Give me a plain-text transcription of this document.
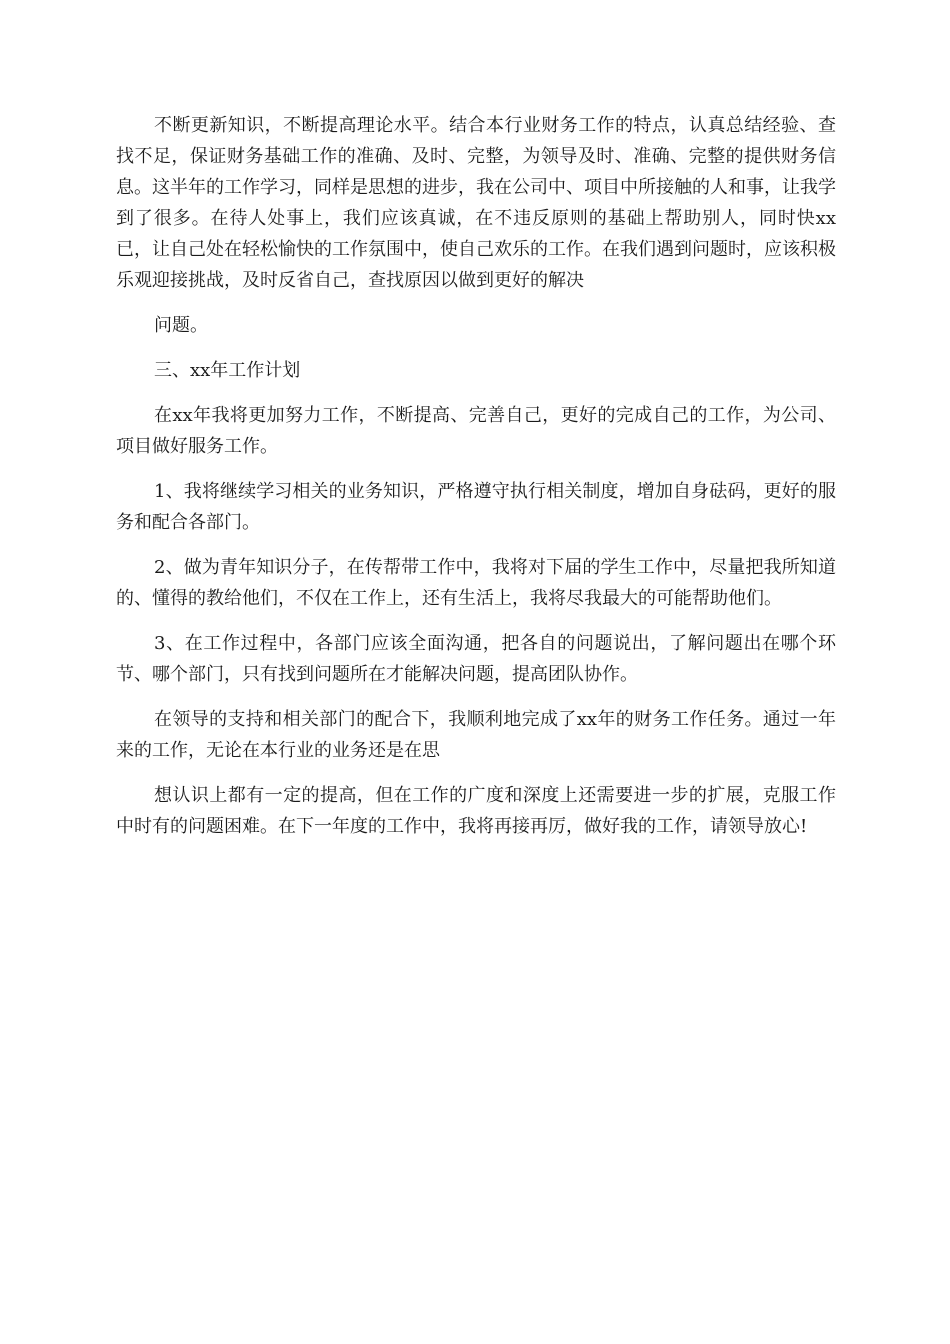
不断更新知识，不断提高理论水平。结合本行业财务工作的特点，认真总结经验、查找不足，保证财务基础工作的准确、及时、完整，为领导及时、准确、完整的提供财务信息。这半年的工作学习，同样是思想的进步，我在公司中、项目中所接触的人和事，让我学到了很多。在待人处事上，我们应该真诚，在不违反原则的基础上帮助别人，同时快xx已，让自己处在轻松愉快的工作氛围中，使自己欢乐的工作。在我们遇到问题时，应该积极乐观迎接挑战，及时反省自己，查找原因以做到更好的解决

问题。

三、xx年工作计划

在xx年我将更加努力工作，不断提高、完善自己，更好的完成自己的工作，为公司、项目做好服务工作。

1、我将继续学习相关的业务知识，严格遵守执行相关制度，增加自身砝码，更好的服务和配合各部门。

2、做为青年知识分子，在传帮带工作中，我将对下届的学生工作中，尽量把我所知道的、懂得的教给他们，不仅在工作上，还有生活上，我将尽我最大的可能帮助他们。

3、在工作过程中，各部门应该全面沟通，把各自的问题说出，了解问题出在哪个环节、哪个部门，只有找到问题所在才能解决问题，提高团队协作。

在领导的支持和相关部门的配合下，我顺利地完成了xx年的财务工作任务。通过一年来的工作，无论在本行业的业务还是在思

想认识上都有一定的提高，但在工作的广度和深度上还需要进一步的扩展，克服工作中时有的问题困难。在下一年度的工作中，我将再接再厉，做好我的工作，请领导放心!
